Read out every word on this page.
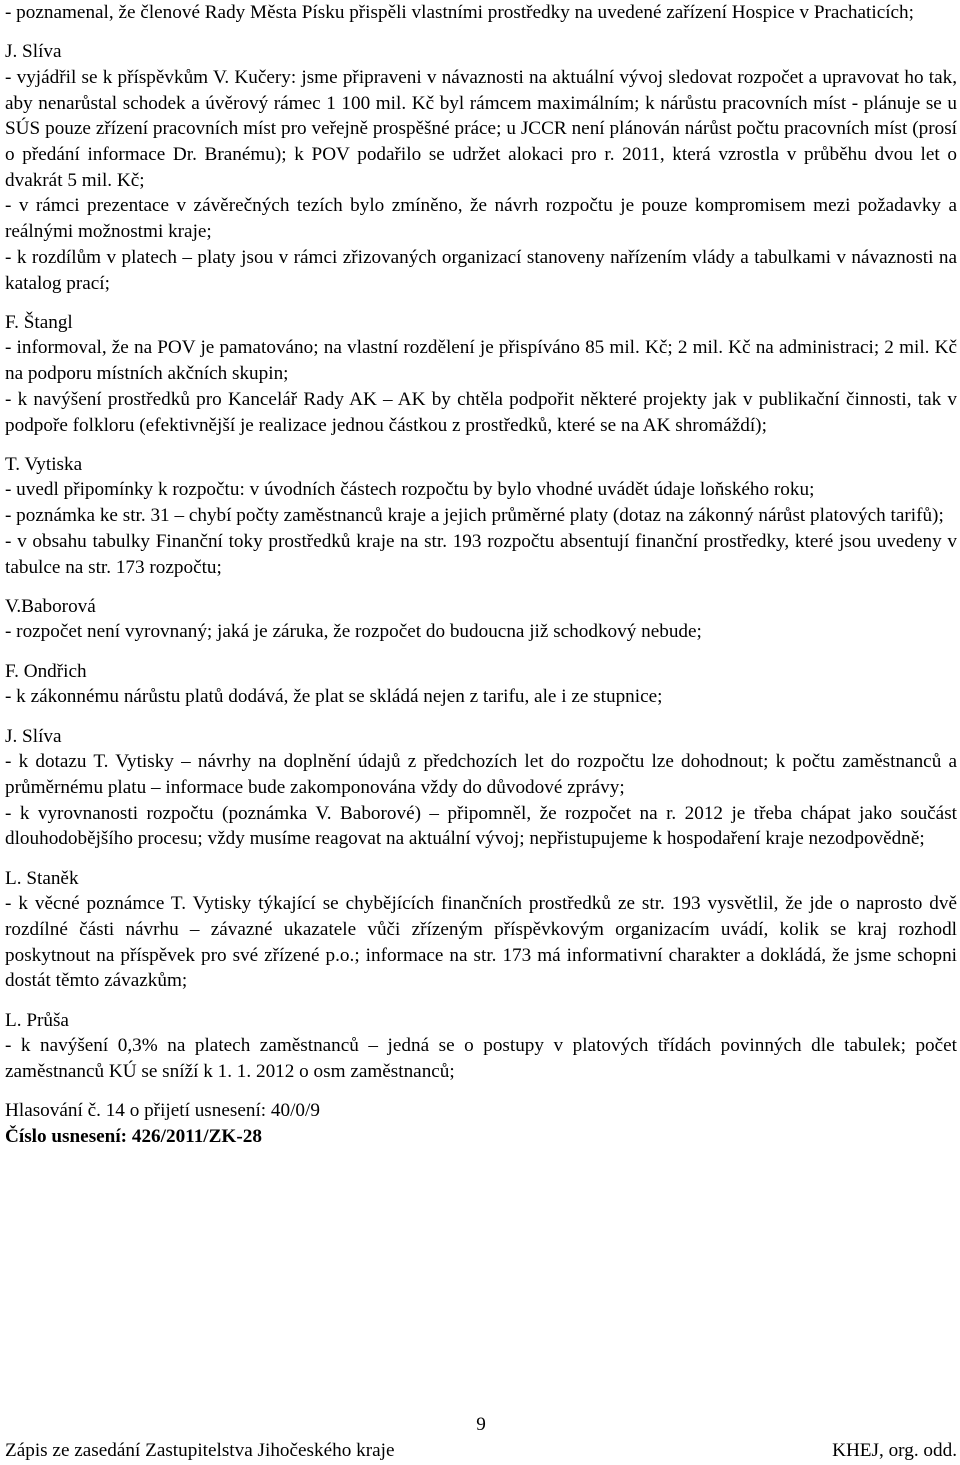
- poznamenal, že členové Rady Města Písku přispěli vlastními prostředky na uvedené zařízení Hospice v Prachaticích;

J. Slíva

- vyjádřil se k příspěvkům V. Kučery: jsme připraveni v návaznosti na aktuální vývoj sledovat rozpočet a upravovat ho tak, aby nenarůstal schodek a úvěrový rámec 1 100 mil. Kč byl rámcem maximálním; k nárůstu pracovních míst - plánuje se u SÚS pouze zřízení pracovních míst pro veřejně prospěšné práce; u JCCR není plánován nárůst počtu pracovních míst (prosí o předání informace Dr. Branému); k POV podařilo se udržet alokaci pro r. 2011, která vzrostla v průběhu dvou let o dvakrát 5 mil. Kč;

- v rámci prezentace v závěrečných tezích bylo zmíněno, že návrh rozpočtu je pouze kompromisem mezi požadavky a reálnými možnostmi kraje;

- k rozdílům v platech – platy jsou v rámci zřizovaných organizací stanoveny nařízením vlády a tabulkami v návaznosti na katalog prací;

F. Štangl

- informoval, že na POV je pamatováno; na vlastní rozdělení je přispíváno 85 mil. Kč; 2 mil. Kč na administraci; 2 mil. Kč na podporu místních akčních skupin;

- k navýšení prostředků pro Kancelář Rady AK – AK by chtěla podpořit některé projekty jak v publikační činnosti, tak v podpoře folkloru (efektivnější je realizace jednou částkou z prostředků, které se na AK shromáždí);

T. Vytiska

- uvedl připomínky k rozpočtu: v úvodních částech rozpočtu by bylo vhodné uvádět údaje loňského roku;

- poznámka ke str. 31 – chybí počty zaměstnanců kraje a jejich průměrné platy (dotaz na zákonný nárůst platových tarifů);

- v obsahu tabulky Finanční toky prostředků kraje na str. 193 rozpočtu absentují finanční prostředky, které jsou uvedeny v tabulce na str. 173 rozpočtu;

V.Baborová

- rozpočet není vyrovnaný; jaká je záruka, že rozpočet do budoucna již schodkový nebude;

F. Ondřich

- k zákonnému nárůstu platů dodává, že plat se skládá nejen z tarifu, ale i ze stupnice;

J. Slíva

- k dotazu T. Vytisky – návrhy na doplnění údajů z předchozích let do rozpočtu lze dohodnout; k počtu zaměstnanců a průměrnému platu – informace bude zakomponována vždy do důvodové zprávy;

- k vyrovnanosti rozpočtu (poznámka V. Baborové) – připomněl, že rozpočet na r. 2012 je třeba chápat jako součást dlouhodobějšího procesu; vždy musíme reagovat na aktuální vývoj; nepřistupujeme k hospodaření kraje nezodpovědně;

L. Staněk

- k věcné poznámce T. Vytisky týkající se chybějících finančních prostředků ze str. 193 vysvětlil, že jde o naprosto dvě rozdílné části návrhu – závazné ukazatele vůči zřízeným příspěvkovým organizacím uvádí, kolik se kraj rozhodl poskytnout na příspěvek pro své zřízené p.o.; informace na str. 173 má informativní charakter a dokládá, že jsme schopni dostát těmto závazkům;

L. Průša

- k navýšení 0,3% na platech zaměstnanců – jedná se o postupy v platových třídách povinných dle tabulek; počet zaměstnanců KÚ se sníží k 1. 1. 2012 o osm zaměstnanců;

Hlasování č. 14 o přijetí usnesení: 40/0/9

Číslo usnesení: 426/2011/ZK-28

9

Zápis ze zasedání Zastupitelstva Jihočeského kraje	KHEJ, org. odd.
